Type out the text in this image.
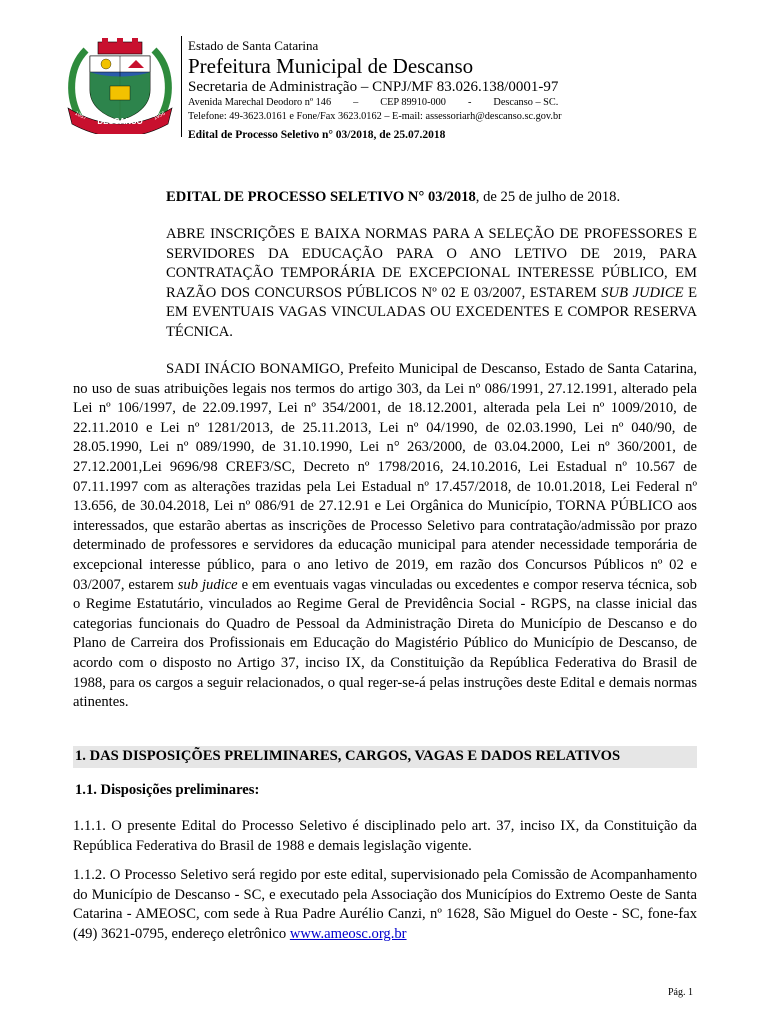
DESCANSO
1957	1956
Estado de Santa Catarina
Prefeitura Municipal de Descanso
Secretaria de Administração – CNPJ/MF 83.026.138/0001-97
Avenida Marechal Deodoro nº 146 – CEP 89910-000 - Descanso – SC.
Telefone: 49-3623.0161 e Fone/Fax 3623.0162 – E-mail: assessoriarh@descanso.sc.gov.br
Edital de Processo Seletivo n° 03/2018, de 25.07.2018
EDITAL DE PROCESSO SELETIVO N° 03/2018, de 25 de julho de 2018.

ABRE INSCRIÇÕES E BAIXA NORMAS PARA A SELEÇÃO DE PROFESSORES E SERVIDORES DA EDUCAÇÃO PARA O ANO LETIVO DE 2019, PARA CONTRATAÇÃO TEMPORÁRIA DE EXCEPCIONAL INTERESSE PÚBLICO, EM RAZÃO DOS CONCURSOS PÚBLICOS Nº 02 E 03/2007, ESTAREM SUB JUDICE E EM EVENTUAIS VAGAS VINCULADAS OU EXCEDENTES E COMPOR RESERVA TÉCNICA.

SADI INÁCIO BONAMIGO, Prefeito Municipal de Descanso, Estado de Santa Catarina, no uso de suas atribuições legais nos termos do artigo 303, da Lei nº 086/1991, 27.12.1991, alterado pela Lei nº 106/1997, de 22.09.1997, Lei nº 354/2001, de 18.12.2001, alterada pela Lei nº 1009/2010, de 22.11.2010 e Lei nº 1281/2013, de 25.11.2013, Lei nº 04/1990, de 02.03.1990, Lei nº 040/90, de 28.05.1990, Lei nº 089/1990, de 31.10.1990, Lei n° 263/2000, de 03.04.2000, Lei nº 360/2001, de 27.12.2001,Lei 9696/98 CREF3/SC, Decreto nº 1798/2016, 24.10.2016, Lei Estadual nº 10.567 de 07.11.1997 com as alterações trazidas pela Lei Estadual nº 17.457/2018, de 10.01.2018, Lei Federal nº 13.656, de 30.04.2018, Lei nº 086/91 de 27.12.91 e Lei Orgânica do Município, TORNA PÚBLICO aos interessados, que estarão abertas as inscrições de Processo Seletivo para contratação/admissão por prazo determinado de professores e servidores da educação municipal para atender necessidade temporária de excepcional interesse público, para o ano letivo de 2019, em razão dos Concursos Públicos nº 02 e 03/2007, estarem sub judice e em eventuais vagas vinculadas ou excedentes e compor reserva técnica, sob o Regime Estatutário, vinculados ao Regime Geral de Previdência Social - RGPS, na classe inicial das categorias funcionais do Quadro de Pessoal da Administração Direta do Município de Descanso e do Plano de Carreira dos Profissionais em Educação do Magistério Público do Município de Descanso, de acordo com o disposto no Artigo 37, inciso IX, da Constituição da República Federativa do Brasil de 1988, para os cargos a seguir relacionados, o qual reger-se-á pelas instruções deste Edital e demais normas atinentes.

1. DAS DISPOSIÇÕES PRELIMINARES, CARGOS, VAGAS E DADOS RELATIVOS
1.1. Disposições preliminares:

1.1.1. O presente Edital do Processo Seletivo é disciplinado pelo art. 37, inciso IX, da Constituição da República Federativa do Brasil de 1988 e demais legislação vigente.

1.1.2. O Processo Seletivo será regido por este edital, supervisionado pela Comissão de Acompanhamento do Município de Descanso - SC, e executado pela Associação dos Municípios do Extremo Oeste de Santa Catarina - AMEOSC, com sede à Rua Padre Aurélio Canzi, nº 1628, São Miguel do Oeste - SC, fone-fax (49) 3621-0795, endereço eletrônico www.ameosc.org.br

Pág. 1
